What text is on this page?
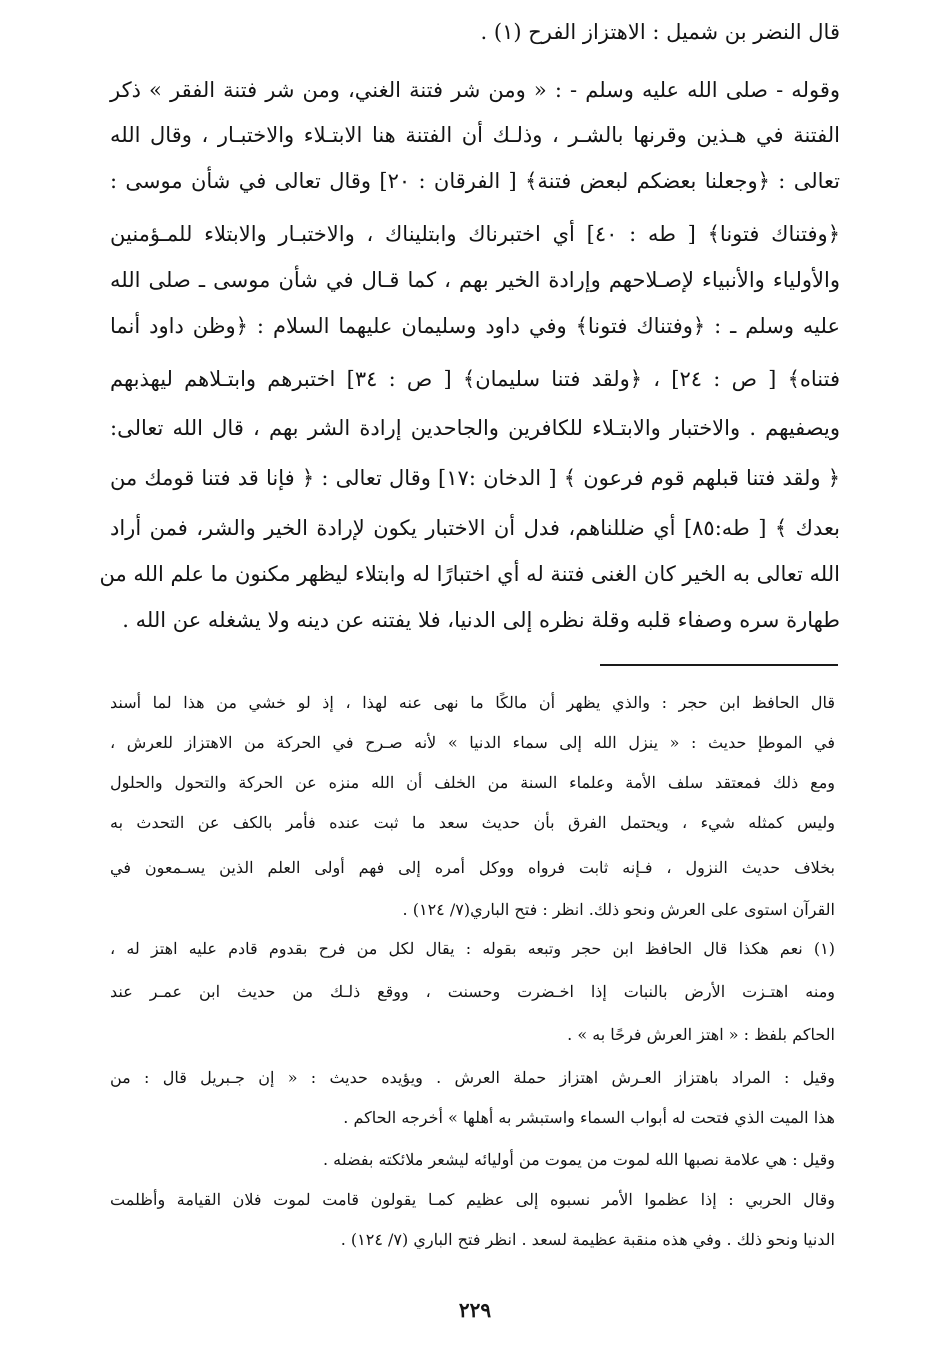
قال النضر بن شميل : الاهتزاز الفرح (١) .
وقوله - صلى الله عليه وسلم - : « ومن شر فتنة الغني، ومن شر فتنة الفقر » ذكر
الفتنة في هـذين وقرنها بالشـر ، وذلـك أن الفتنة هنا الابتـلاء والاختبـار ، وقال الله
تعالى : ﴿وجعلنا بعضكم لبعض فتنة﴾ [ الفرقان : ٢٠] وقال تعالى في شأن موسى :
﴿وفتناك فتونا﴾ [ طه : ٤٠] أي اختبرناك وابتليناك ، والاختبـار والابتلاء للمـؤمنين
والأولياء والأنبياء لإصـلاحهم وإرادة الخير بهم ، كما قـال في شأن موسى ـ صلى الله
عليه وسلم ـ : ﴿وفتناك فتونا﴾ وفي داود وسليمان عليهما السلام : ﴿وظن داود أنما
فتناه﴾ [ ص : ٢٤] ، ﴿ولقد فتنا سليمان﴾ [ ص : ٣٤] اختبرهم وابتـلاهم ليهذبهم
ويصفيهم . والاختبار والابتـلاء للكافرين والجاحدين إرادة الشر بهم ، قال الله تعالى:
﴿ ولقد فتنا قبلهم قوم فرعون ﴾ [ الدخان :١٧] وقال تعالى : ﴿ فإنا قد فتنا قومك من
بعدك ﴾ [ طه:٨٥] أي ضللناهم، فدل أن الاختبار يكون لإرادة الخير والشر، فمن أراد
الله تعالى به الخير كان الغنى فتنة له أي اختبارًا له وابتلاء ليظهر مكنون ما علم الله من
طهارة سره وصفاء قلبه وقلة نظره إلى الدنيا، فلا يفتنه عن دينه ولا يشغله عن الله .
قال الحافظ ابن حجر : والذي يظهر أن مالكًا ما نهى عنه لهذا ، إذ لو خشي من هذا لما أسند
في الموطإ حديث : « ينزل الله إلى سماء الدنيا » لأنه صـرح في الحركة من الاهتزاز للعرش ،
ومع ذلك فمعتقد سلف الأمة وعلماء السنة من الخلف أن الله منزه عن الحركة والتحول والحلول
وليس كمثله شيء ، ويحتمل الفرق بأن حديث سعد ما ثبت عنده فأمر بالكف عن التحدث به
بخلاف حديث النزول ، فـإنه ثابت فرواه ووكل أمره إلى فهم أولى العلم الذين يسـمعون في
القرآن استوى على العرش ونحو ذلك. انظر : فتح الباري(٧/ ١٢٤) .
(١) نعم هكذا قال الحافظ ابن حجر وتبعه بقوله : يقال لكل من فرح بقدوم قادم عليه اهتز له ،
ومنه اهتـزت الأرض بالنبات إذا اخـضرت وحسنت ، ووقع ذلـك من حديث ابن عمـر عند
الحاكم بلفظ : « اهتز العرش فرحًا به » .
وقيل : المراد باهتزاز العـرش اهتزاز حملة العرش . ويؤيده حديث : « إن جـبريل قال : من
هذا الميت الذي فتحت له أبواب السماء واستبشر به أهلها » أخرجه الحاكم .
وقيل : هي علامة نصبها الله لموت من يموت من أوليائه ليشعر ملائكته بفضله .
وقال الحربي : إذا عظموا الأمر نسبوه إلى عظيم كمـا يقولون قامت لموت فلان القيامة وأظلمت
الدنيا ونحو ذلك . وفي هذه منقبة عظيمة لسعد . انظر فتح الباري (٧/ ١٢٤) .
٢٢٩
